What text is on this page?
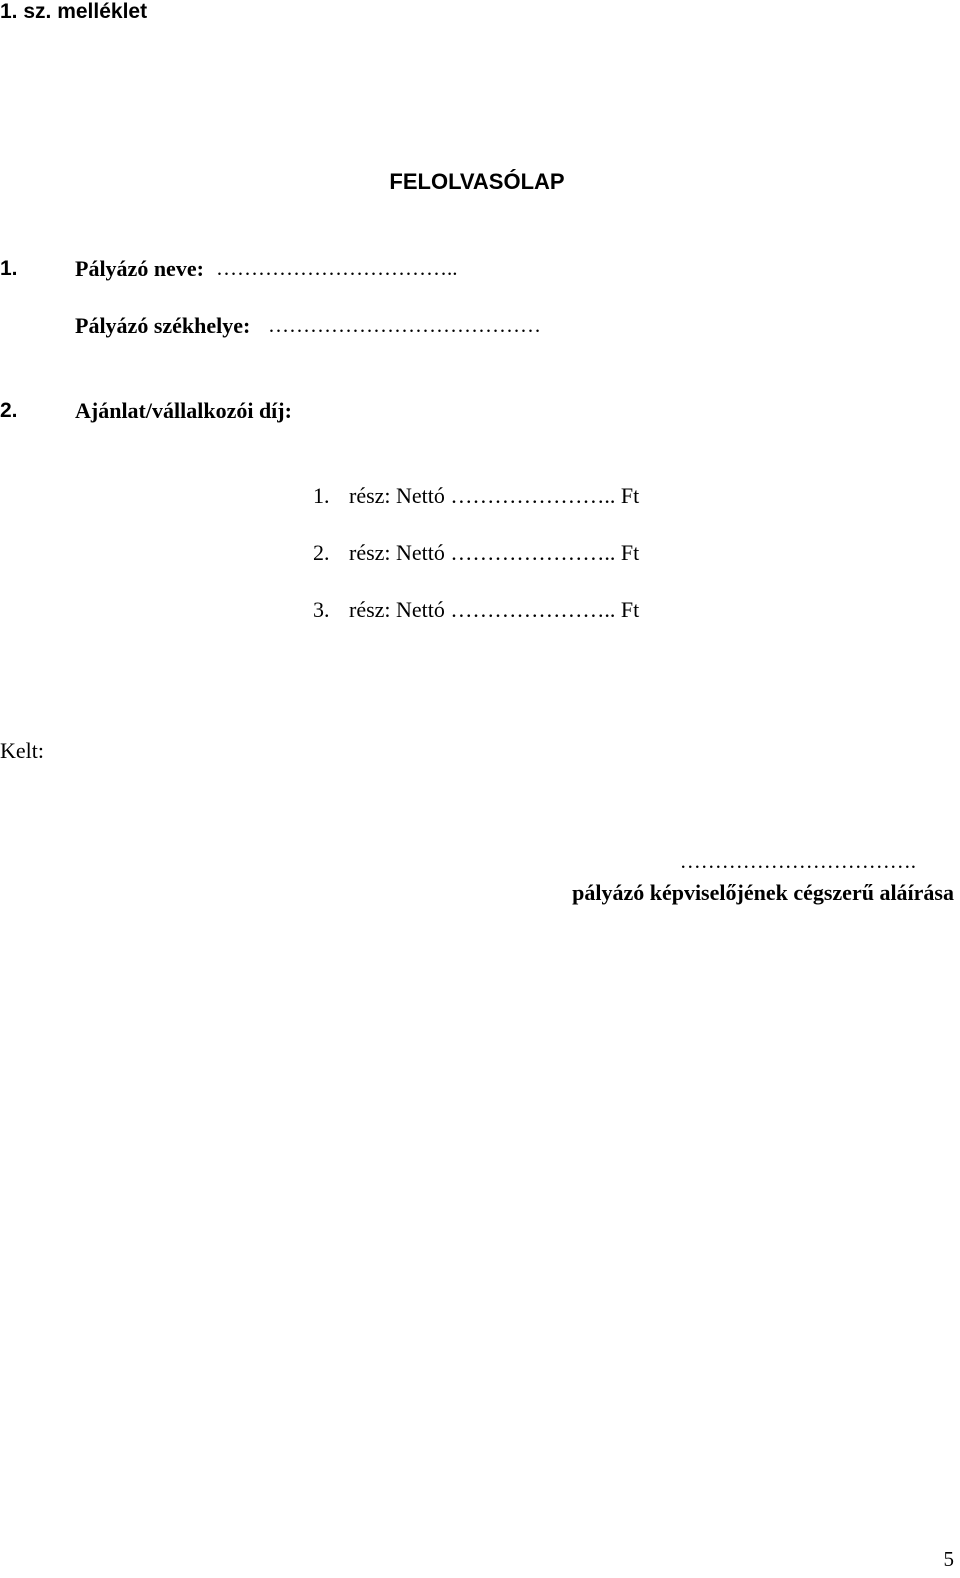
1. sz. melléklet
FELOLVASÓLAP
1.	Pályázó neve: ……………………………..
Pályázó székhelye: …………………………………
2.	Ajánlat/vállalkozói díj:
1. rész: Nettó ………………….. Ft
2. rész: Nettó ………………….. Ft
3. rész: Nettó ………………….. Ft
Kelt:
…………………………….
pályázó képviselőjének cégszerű aláírása
5
